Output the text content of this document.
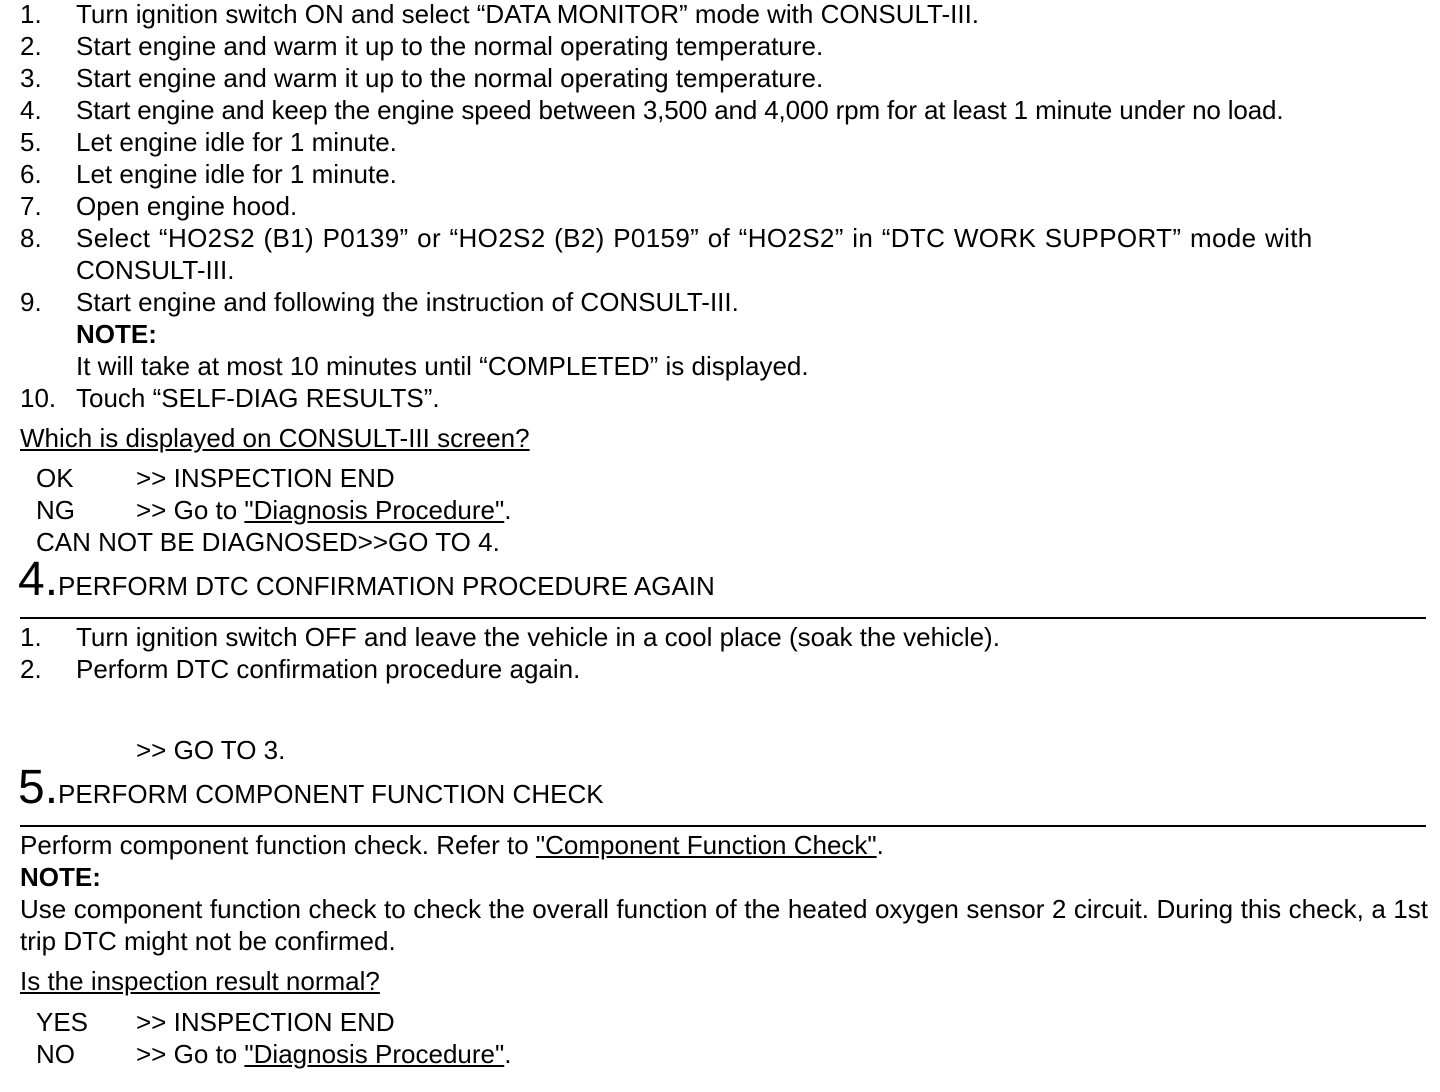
1. Turn ignition switch ON and select “DATA MONITOR” mode with CONSULT-III.
2. Start engine and warm it up to the normal operating temperature.
3. Start engine and warm it up to the normal operating temperature.
4. Start engine and keep the engine speed between 3,500 and 4,000 rpm for at least 1 minute under no load.
5. Let engine idle for 1 minute.
6. Let engine idle for 1 minute.
7. Open engine hood.
8. Select “HO2S2 (B1) P0139” or “HO2S2 (B2) P0159” of “HO2S2” in “DTC WORK SUPPORT” mode with
CONSULT-III.
9. Start engine and following the instruction of CONSULT-III.
NOTE:
It will take at most 10 minutes until “COMPLETED” is displayed.
10. Touch “SELF-DIAG RESULTS”.
Which is displayed on CONSULT-III screen?
OK >> INSPECTION END
NG >> Go to "Diagnosis Procedure".
CAN NOT BE DIAGNOSED>>GO TO 4.
4.PERFORM DTC CONFIRMATION PROCEDURE AGAIN
1. Turn ignition switch OFF and leave the vehicle in a cool place (soak the vehicle).
2. Perform DTC confirmation procedure again.
>> GO TO 3.
5.PERFORM COMPONENT FUNCTION CHECK
Perform component function check. Refer to "Component Function Check".
NOTE:
Use component function check to check the overall function of the heated oxygen sensor 2 circuit. During this check, a 1st trip DTC might not be confirmed.
Is the inspection result normal?
YES >> INSPECTION END
NO >> Go to "Diagnosis Procedure".
